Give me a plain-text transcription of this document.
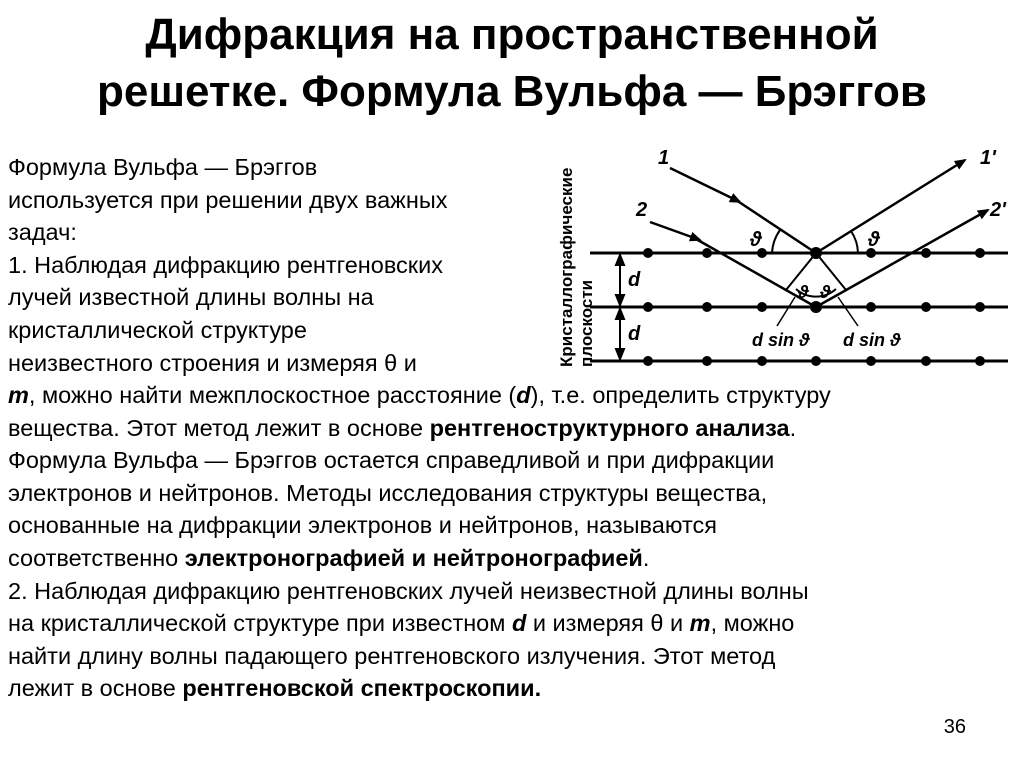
Дифракция на пространственной
решетке. Формула Вульфа — Брэггов
Формула Вульфа — Брэггов
используется при решении двух важных
задач:
1. Наблюдая дифракцию рентгеновских
лучей известной длины волны на
кристаллической структуре
неизвестного строения и измеряя θ и
m, можно найти межплоскостное расстояние (d), т.е. определить структуру
вещества. Этот метод лежит в основе рентгеноструктурного анализа.
Формула Вульфа — Брэггов остается справедливой и при дифракции
электронов и нейтронов. Методы исследования структуры вещества,
основанные на дифракции электронов и нейтронов, называются
соответственно электронографией и нейтронографией.
2. Наблюдая дифракцию рентгеновских лучей неизвестной длины волны
на кристаллической структуре при известном d и измеряя θ и m, можно
найти длину волны падающего рентгеновского излучения. Этот метод
лежит в основе рентгеновской спектроскопии.
Кристаллографические плоскости d
d
1
2
1'
2'
ϑ	ϑ
ϑ ϑ
d sin ϑ d sin ϑ
36
